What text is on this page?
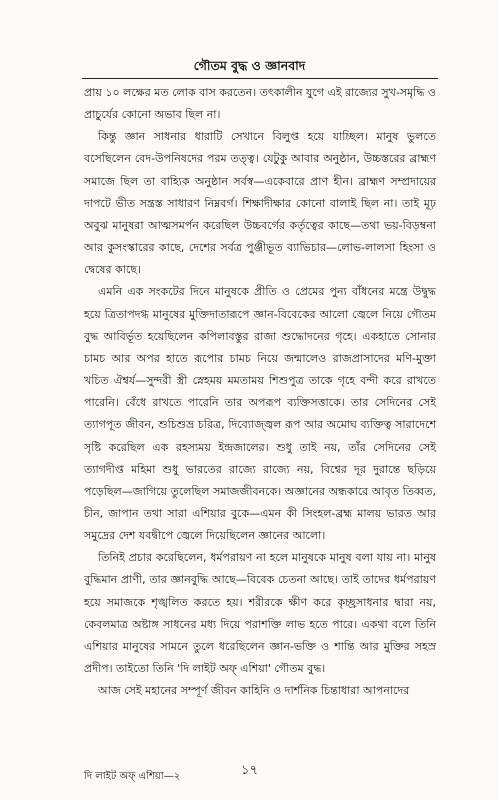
গৌতম বুদ্ধ ও জ্ঞানবাদ

প্রায় ১০ লক্ষের মত লোক বাস করতেন। তৎকালীন যুগে এই রাজ্যের সুখ-সমৃদ্ধি ও প্রাচুর্যের কোনো অভাব ছিল না।

কিন্তু জ্ঞান সাধনার ধারাটি সেখানে বিলুপ্ত হয়ে যাচ্ছিল। মানুষ ভুলতে বসেছিলেন বেদ-উপনিষদের পরম তত্ত্ব। যেটুকু আবার অনুষ্ঠান, উচ্চস্তরের ব্রাহ্মণ সমাজে ছিল তা বাহ্যিক অনুষ্ঠান সর্বস্ব—একেবারে প্রাণ হীন। ব্রাহ্মণ সম্প্রদায়ের দাপটে ভীত সন্ত্রস্ত সাধারণ নিম্নবর্গ। শিক্ষাদীক্ষার কোনো বালাই ছিল না। তাই মূঢ় অবুঝ মানুষরা আত্মসমর্পন করেছিল উচ্চবর্গের কর্তৃত্বের কাছে—তথা ভয়-বিড়ম্বনা আর কুসংস্কারের কাছে, দেশের সর্বত্র পুঞ্জীভূত ব্যাভিচার—লোভ-লালসা হিংসা ও দ্বেষের কাছে।

এমনি এক সংকটের দিনে মানুষকে প্রীতি ও প্রেমের পুন্য বাঁধনের মন্ত্রে উদ্বুদ্ধ হয়ে ত্রিতাপদগ্ধ মানুষের মুক্তিদাতারূপে জ্ঞান-বিবেকের আলো জ্বেলে নিয়ে গৌতম বুদ্ধ আবির্ভূত হয়েছিলেন কপিলাবস্তুর রাজা শুদ্ধোদনের গৃহে। একহাতে সোনার চামচ আর অপর হাতে রূপোর চামচ নিয়ে জন্মালেও রাজপ্রাসাদের মণি-মুক্তা খচিত ঐশ্বর্য—সুন্দরী স্ত্রী স্নেহময় মমতাময় শিশুপুত্র তাকে গৃহে বন্দী করে রাখতে পারেনি। বেঁধে রাখতে পারেনি তার অপরূপ ব্যক্তিসত্তাকে। তার সেদিনের সেই ত্যাগপূত জীবন, শুচিশুভ্র চরিত্র, দিব্যোজ্জ্বল রূপ আর অমোঘ ব্যক্তিত্ব সারাদেশে সৃষ্টি করেছিল এক রহস্যময় ইন্দ্রজালের। শুধু তাই নয়, তাঁর সেদিনের সেই ত্যাগদীপ্ত মহিমা শুধু ভারতের রাজ্যে রাজ্যে নয়, বিশ্বের দূর দুরান্তে ছড়িয়ে পড়েছিল—জাগিয়ে তুলেছিল সমাজজীবনকে। অজ্ঞানের অন্ধকারে আবৃত তিব্বত, চীন, জাপান তথা সারা এশিয়ার বুকে—এমন কী সিংহল-ব্রহ্ম মালয় ভারত আর সমুদ্রের দেশ যবদ্বীপে জ্বেলে দিয়েছিলেন জ্ঞানের আলো।

তিনিই প্রচার করেছিলেন, ধর্মপরায়ণ না হলে মানুষকে মানুষ বলা যায় না। মানুষ বুদ্ধিমান প্রাণী, তার জ্ঞানবুদ্ধি আছে—বিবেক চেতনা আছে। তাই তাদের ধর্মপরায়ণ হয়ে সমাজকে শৃঙ্খলিত করতে হয়। শরীরকে ক্ষীণ করে কৃচ্ছ্রসাধনার দ্বারা নয়, কেবলমাত্র অষ্টাঙ্গ সাধনের মধ্য দিয়ে পরাশক্তি লাভ হতে পারে। একথা বলে তিনি এশিয়ার মানুষের সামনে তুলে ধরেছিলেন জ্ঞান-ভক্তি ও শান্তি আর মুক্তির সহস্র প্রদীপ। তাইতো তিনি 'দি লাইট অফ্ এশিয়া' গৌতম বুদ্ধ।

আজ সেই মহানের সম্পূর্ণ জীবন কাহিনি ও দার্শনিক চিন্তাধারা আপনাদের

দি লাইট অফ্ এশিয়া—২	১৭
